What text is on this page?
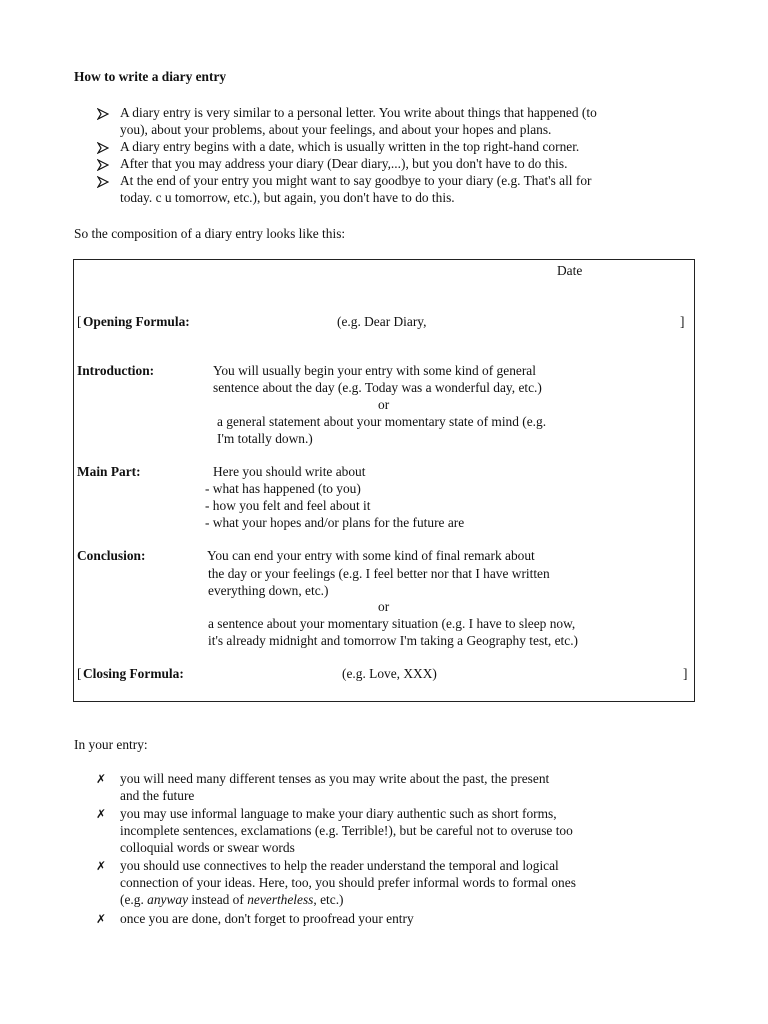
How to write a diary entry
A diary entry is very similar to a personal letter. You write about things that happened (to
you), about your problems, about your feelings, and about your hopes and plans.
A diary entry begins with a date, which is usually written in the top right-hand corner.
After that you may address your diary (Dear diary,...), but you don't have to do this.
At the end of your entry you might want to say goodbye to your diary (e.g. That's all for
today. c u tomorrow, etc.), but again, you don't have to do this.
So the composition of a diary entry looks like this:
Date
[ Opening Formula:	(e.g. Dear Diary,	]
Introduction:	You will usually begin your entry with some kind of general
sentence about the day (e.g. Today was a wonderful day, etc.)
or
a general statement about your momentary state of mind (e.g.
I'm totally down.)
Main Part:	Here you should write about
- what has happened (to you)
- how you felt and feel about it
- what your hopes and/or plans for the future are
Conclusion:	You can end your entry with some kind of final remark about
the day or your feelings (e.g. I feel better nor that I have written
everything down, etc.)
or
a sentence about your momentary situation (e.g. I have to sleep now,
it's already midnight and tomorrow I'm taking a Geography test, etc.)
[ Closing Formula:	(e.g. Love, XXX)	]
In your entry:
✗ you will need many different tenses as you may write about the past, the present
and the future
✗ you may use informal language to make your diary authentic such as short forms,
incomplete sentences, exclamations (e.g. Terrible!), but be careful not to overuse too
colloquial words or swear words
✗ you should use connectives to help the reader understand the temporal and logical
connection of your ideas. Here, too, you should prefer informal words to formal ones
(e.g. anyway instead of nevertheless, etc.)
✗ once you are done, don't forget to proofread your entry
